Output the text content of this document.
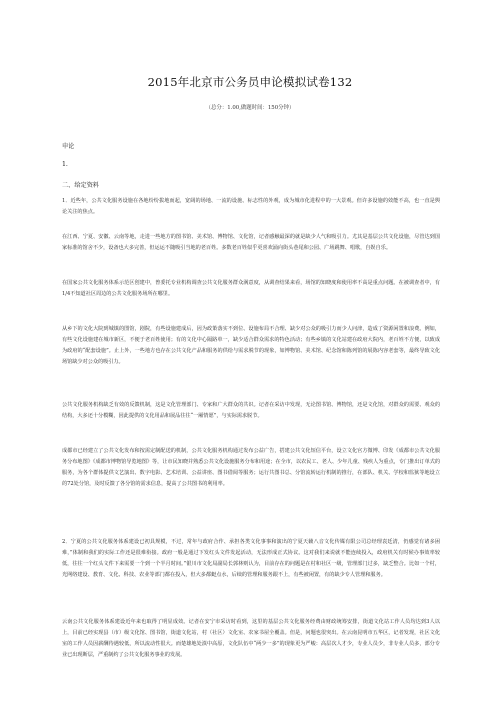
2015年北京市公务员申论模拟试卷132
（总分：1.00,做题时间：150分钟）
申论
1.
二、给定资料

1．近些年，公共文化服务设施在各地纷纷拔地而起，宽阔的场地、一流的设施、标志性的外观，成为城市化进程中的一大景观。但许多设施的效能不高，也一直是舆论关注的焦点。

在江西、宁夏、安徽、云南等地，走进一些地方的图书馆、美术馆、博物馆、文化馆，记者感触最深的就是缺少人气和吸引力。尤其是基层公共文化设施，尽管达到国家标准的馆舍不少，设备也大多完善，但运运不随吸引当地的老百姓。多数老百姓似乎更喜欢涌向街头巷尾和公园、广场跳舞、唱歌，自娱自乐。

在国家公共文化服务体系示范区创建中，曾委托专业机构调查公共文化服务群众满意度，从调查结果来看，场馆的知晓度和使用率不高是重点问题。在被调查者中，有1/4不知道社区周边的公共文化服务场所在哪里。

从乡下的文化大院到城镇的图馆，剧院，有些设施建成后，因为政策落实不到位、设施布局不合理、缺少对公众的吸引力而少人问津，造成了资源闲置和浪费。例如，有些文化设施建在城市新区，不便于老百姓使用；有的文化中心隔路单一，缺少适合群众需求的特色活动；有些乡镇的文化站建在政府大院内，老百姓不方便，以致成为政府的“配套设施”。止上外，一些地方也存在公共文化产品和服务的供给与需求脱节的现象，如博物馆、美术馆、纪念馆和陈列馆的展陈内容老套等，最终导致文化场馆缺少对公众的吸引力。

公共文化服务机构缺乏有效的反馈机制，这是文化管理部门、专家和广大群众的共识。记者在采访中发现，无论图书馆、博物馆，还是文化馆，对群众的需要、观众的结构，大多还十分模糊，因此提供的文化用品和展品往往“一厢情愿”，与实际需求脱节。

成都市已经建立了公共文化发布和按需定制配送的机制，公共文化服务机构通过发布公益广告，搭建公共文化短信平台，设立文化官方微博、印发《成都市公共文化服务分布地图》《成都市博物馆导览地图》等，让市民知晓并熟悉公共文化设施服务分布和用途；在全市，以农民工、老人、少年儿童、残疾人为重点，专门推出订单式的服务，为各个群体提供文艺演出、数字电影、艺术培训、公益讲座、图书借阅等服务；运行共图书总、分馆流转运行机制的推行，在部队、机关、学校和监狱等地设立的72处分馆，及时反馈了各分馆的需求信息，提高了公共图书的利用率。

2．宁夏的公共文化服务体系建设已初具规模，不过，常年与政府合作、承担各类文化事事和演出的宁夏天籁八音文化传媒有限公司总经理袁廷清，仍感觉有诸多困难，”体制和我们的实际工作还是很难衔接。政府一般是通过下发红头文件发起活动，无法形成正式协议。这对我们来说就不能连续投入，政府机关有时候办事效率较低，往往一个红头文件下来需要一个到一个半月时间。”银川市文化局副局长郭林则认为，目前存在的问题是在村和社区一级，管理部门过多，缺乏整合。比如一个村，光网络建设、教育、文化、科技、农业等部门都在投入，但大多都蜓点水，后续的管理和服务跟不上，有些被闲置，有的缺少专人管理和服务。

云南公共文化服务体系建设近年来也取得了明显成效。记者在安宁市采访时看到，这里的基层公共文化服务经费由财政统筹安排，街道文化站工作人员均达到3人以上，目前已经实现县（市）级文化馆、图书馆，街道文化站，村（社区）文化室、农家书屋全覆盖。但是，问题也很突出。在云南昆明市五华区，记者发现，社区文化室的工作人员因薪酬待遇较低，所以流动性很大。而楚雄地处滇中高原，文化队伍中“两少一多”的现象更为严峻：高层次人才少，专业人员少，非专业人员多，部分专业已出现断层，严重制约了公共文化服务事业的发展。
